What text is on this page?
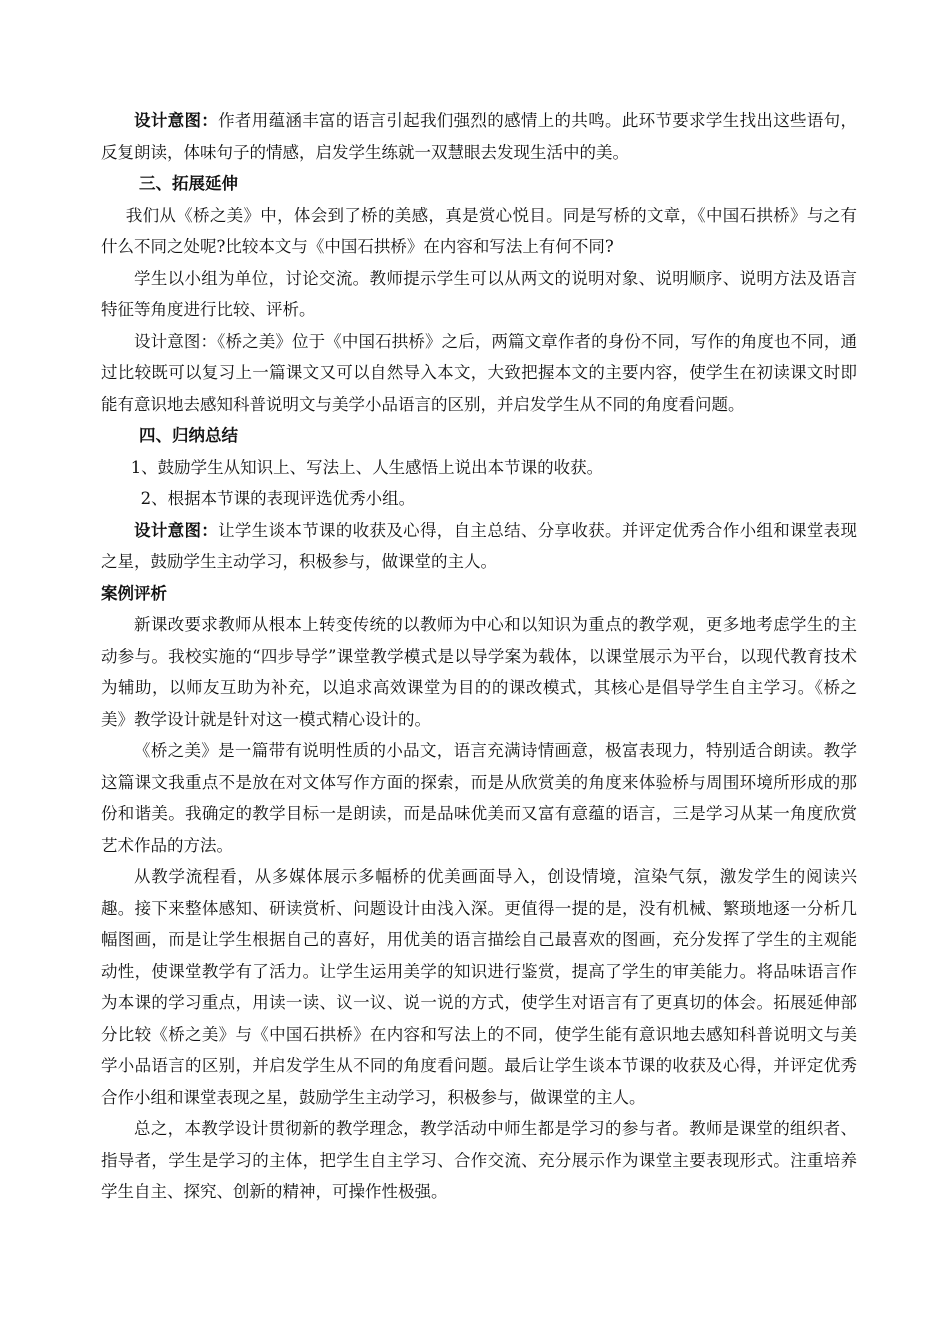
设计意图：作者用蕴涵丰富的语言引起我们强烈的感情上的共鸣。此环节要求学生找出这些语句，反复朗读，体味句子的情感，启发学生练就一双慧眼去发现生活中的美。

三、拓展延伸

我们从《桥之美》中，体会到了桥的美感，真是赏心悦目。同是写桥的文章，《中国石拱桥》与之有什么不同之处呢?比较本文与《中国石拱桥》在内容和写法上有何不同?

学生以小组为单位，讨论交流。教师提示学生可以从两文的说明对象、说明顺序、说明方法及语言特征等角度进行比较、评析。

设计意图：《桥之美》位于《中国石拱桥》之后，两篇文章作者的身份不同，写作的角度也不同，通过比较既可以复习上一篇课文又可以自然导入本文，大致把握本文的主要内容，使学生在初读课文时即能有意识地去感知科普说明文与美学小品语言的区别，并启发学生从不同的角度看问题。

四、归纳总结

1、鼓励学生从知识上、写法上、人生感悟上说出本节课的收获。

2、根据本节课的表现评选优秀小组。

设计意图：让学生谈本节课的收获及心得，自主总结、分享收获。并评定优秀合作小组和课堂表现之星，鼓励学生主动学习，积极参与，做课堂的主人。

案例评析

新课改要求教师从根本上转变传统的以教师为中心和以知识为重点的教学观，更多地考虑学生的主动参与。我校实施的“四步导学”课堂教学模式是以导学案为载体，以课堂展示为平台，以现代教育技术为辅助，以师友互助为补充，以追求高效课堂为目的的课改模式，其核心是倡导学生自主学习。《桥之美》教学设计就是针对这一模式精心设计的。

《桥之美》是一篇带有说明性质的小品文，语言充满诗情画意，极富表现力，特别适合朗读。教学这篇课文我重点不是放在对文体写作方面的探索，而是从欣赏美的角度来体验桥与周围环境所形成的那份和谐美。我确定的教学目标一是朗读，而是品味优美而又富有意蕴的语言，三是学习从某一角度欣赏艺术作品的方法。

从教学流程看，从多媒体展示多幅桥的优美画面导入，创设情境，渲染气氛，激发学生的阅读兴趣。接下来整体感知、研读赏析、问题设计由浅入深。更值得一提的是，没有机械、繁琐地逐一分析几幅图画，而是让学生根据自己的喜好，用优美的语言描绘自己最喜欢的图画，充分发挥了学生的主观能动性，使课堂教学有了活力。让学生运用美学的知识进行鉴赏，提高了学生的审美能力。将品味语言作为本课的学习重点，用读一读、议一议、说一说的方式，使学生对语言有了更真切的体会。拓展延伸部分比较《桥之美》与《中国石拱桥》在内容和写法上的不同，使学生能有意识地去感知科普说明文与美学小品语言的区别，并启发学生从不同的角度看问题。最后让学生谈本节课的收获及心得，并评定优秀合作小组和课堂表现之星，鼓励学生主动学习，积极参与，做课堂的主人。

总之，本教学设计贯彻新的教学理念，教学活动中师生都是学习的参与者。教师是课堂的组织者、指导者，学生是学习的主体，把学生自主学习、合作交流、充分展示作为课堂主要表现形式。注重培养学生自主、探究、创新的精神，可操作性极强。
